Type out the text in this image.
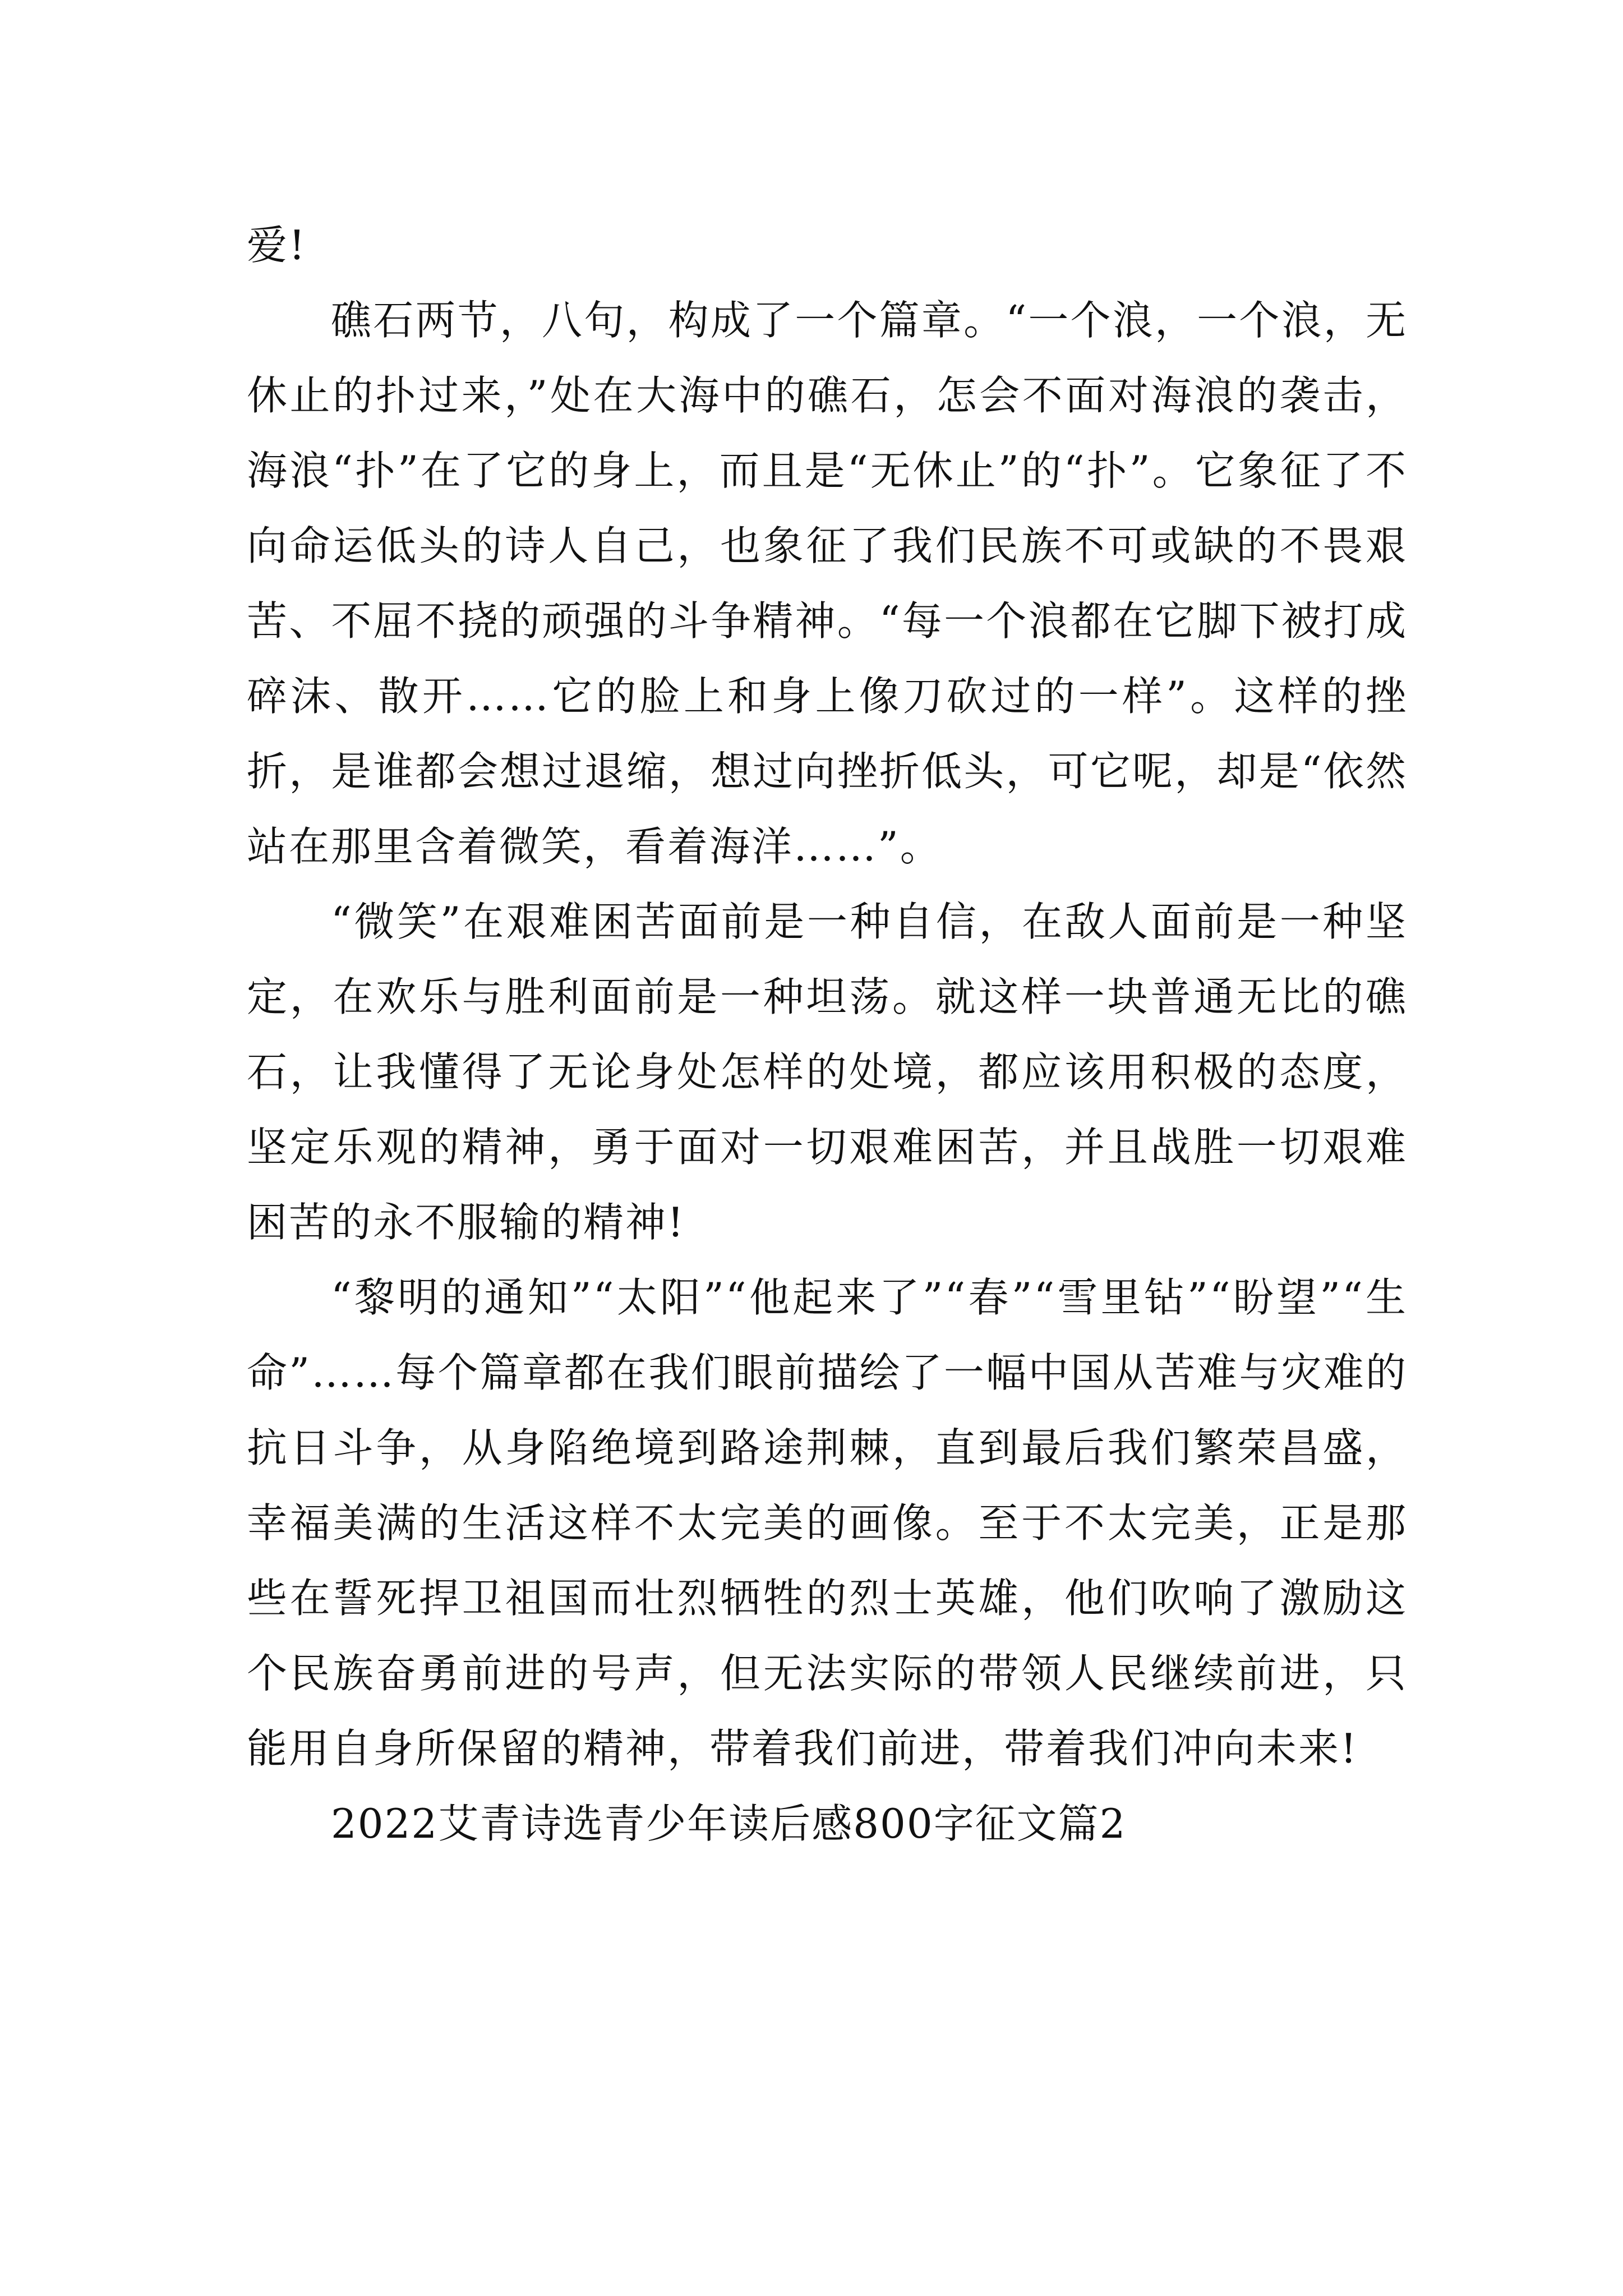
爱!

礁石两节，八句，构成了一个篇章。“一个浪，一个浪，无休止的扑过来，”处在大海中的礁石，怎会不面对海浪的袭击，海浪“扑”在了它的身上，而且是“无休止”的“扑”。它象征了不向命运低头的诗人自己，也象征了我们民族不可或缺的不畏艰苦、不屈不挠的顽强的斗争精神。“每一个浪都在它脚下被打成碎沫、散开……它的脸上和身上像刀砍过的一样”。这样的挫折，是谁都会想过退缩，想过向挫折低头，可它呢，却是“依然站在那里含着微笑，看着海洋……”。

“微笑”在艰难困苦面前是一种自信，在敌人面前是一种坚定，在欢乐与胜利面前是一种坦荡。就这样一块普通无比的礁石，让我懂得了无论身处怎样的处境，都应该用积极的态度，坚定乐观的精神，勇于面对一切艰难困苦，并且战胜一切艰难困苦的永不服输的精神!

“黎明的通知”“太阳”“他起来了”“春”“雪里钻”“盼望”“生命”……每个篇章都在我们眼前描绘了一幅中国从苦难与灾难的抗日斗争，从身陷绝境到路途荆棘，直到最后我们繁荣昌盛，幸福美满的生活这样不太完美的画像。至于不太完美，正是那些在誓死捍卫祖国而壮烈牺牲的烈士英雄，他们吹响了激励这个民族奋勇前进的号声，但无法实际的带领人民继续前进，只能用自身所保留的精神，带着我们前进，带着我们冲向未来!

2022艾青诗选青少年读后感800字征文篇2
